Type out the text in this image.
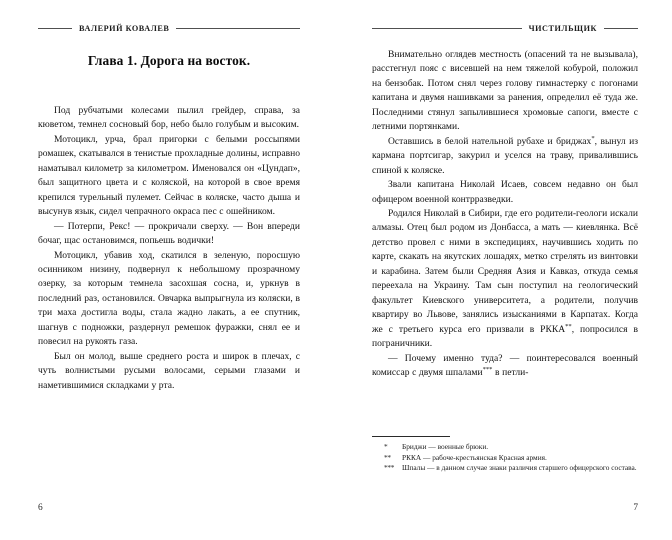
ВАЛЕРИЙ КОВАЛЕВ
Глава 1. Дорога на восток.

Под рубчатыми колесами пылил грейдер, справа, за кюветом, темнел сосновый бор, небо было голубым и высоким.

Мотоцикл, урча, брал пригорки с белыми россыпями ромашек, скатывался в тенистые прохладные долины, исправно наматывал километр за километром. Именовался он «Цундап», был защитного цвета и с коляской, на которой в свое время крепился турельный пулемет. Сейчас в коляске, часто дыша и высунув язык, сидел чепрачного окраса пес с ошейником.

— Потерпи, Рекс! — прокричали сверху. — Вон впереди бочаг, щас остановимся, попьешь водички!

Мотоцикл, убавив ход, скатился в зеленую, поросшую осинником низину, подвернул к небольшому прозрачному озерку, за которым темнела засохшая сосна, и, уркнув в последний раз, остановился. Овчарка выпрыгнула из коляски, в три маха достигла воды, стала жадно лакать, а ее спутник, шагнув с подножки, раздернул ремешок фуражки, снял ее и повесил на рукоять газа.

Был он молод, выше среднего роста и широк в плечах, с чуть волнистыми русыми волосами, серыми глазами и наметившимися складками у рта.

6
ЧИСТИЛЬЩИК

Внимательно оглядев местность (опасений та не вызывала), расстегнул пояс с висевшей на нем тяжелой кобурой, положил на бензобак. Потом снял через голову гимнастерку с погонами капитана и двумя нашивками за ранения, определил её туда же. Последними стянул запылившиеся хромовые сапоги, вместе с летними портянками.

Оставшись в белой нательной рубахе и бриджах*, вынул из кармана портсигар, закурил и уселся на траву, привалившись спиной к коляске.

Звали капитана Николай Исаев, совсем недавно он был офицером военной контрразведки.

Родился Николай в Сибири, где его родители-геологи искали алмазы. Отец был родом из Донбасса, а мать — киевлянка. Всё детство провел с ними в экспедициях, научившись ходить по карте, скакать на якутских лошадях, метко стрелять из винтовки и карабина. Затем были Средняя Азия и Кавказ, откуда семья переехала на Украину. Там сын поступил на геологический факультет Киевского университета, а родители, получив квартиру во Львове, занялись изысканиями в Карпатах. Когда же с третьего курса его призвали в РККА**, попросился в пограничники.

— Почему именно туда? — поинтересовался военный комиссар с двумя шпалами*** в петли-

*	Бриджи — военные брюки.
**	РККА — рабоче-крестьянская Красная армия.
***	Шпалы — в данном случае знаки различия старшего офицерского состава.
7
